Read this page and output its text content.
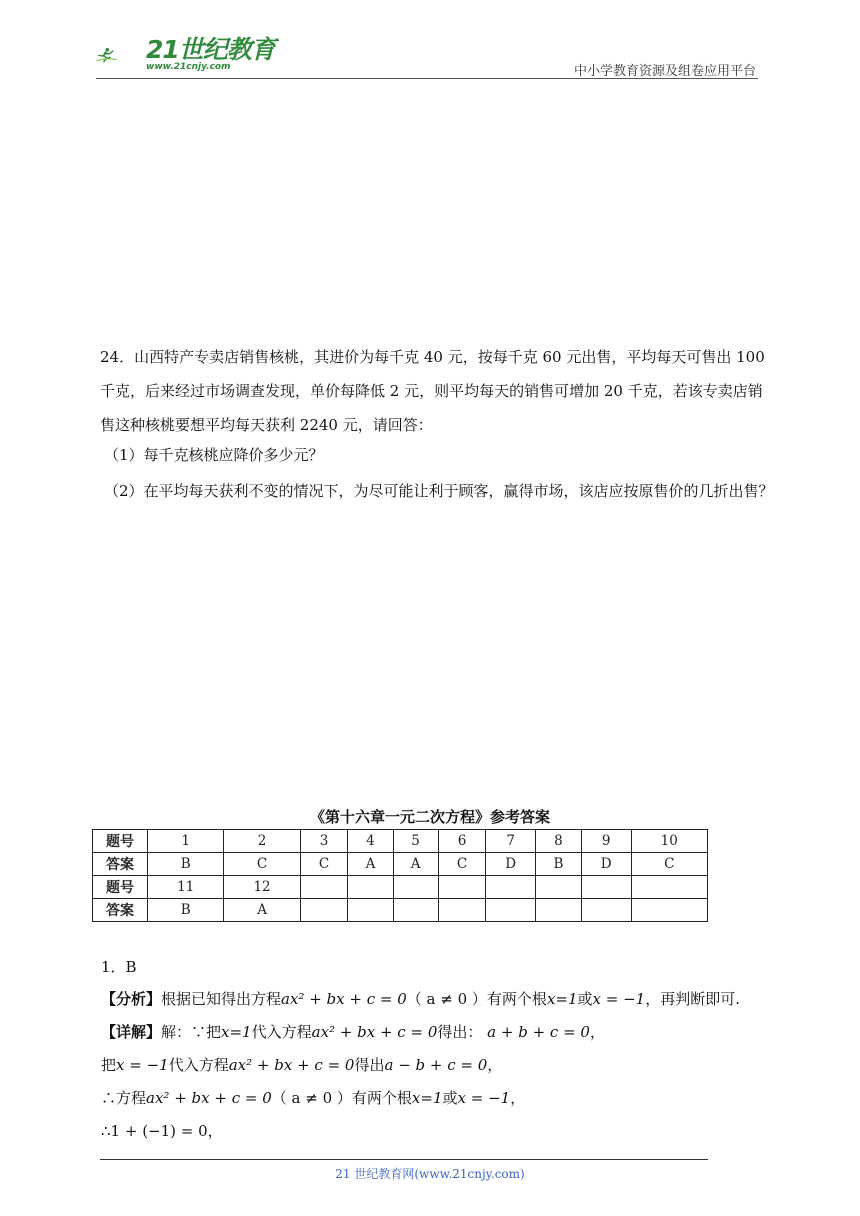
21世纪教育
www.21cnjy.com	中小学教育资源及组卷应用平台
24．山西特产专卖店销售核桃，其进价为每千克 40 元，按每千克 60 元出售，平均每天可售出 100 千克，后来经过市场调查发现，单价每降低 2 元，则平均每天的销售可增加 20 千克，若该专卖店销售这种核桃要想平均每天获利 2240 元，请回答：
（1）每千克核桃应降价多少元？
（2）在平均每天获利不变的情况下，为尽可能让利于顾客，赢得市场，该店应按原售价的几折出售？
《第十六章一元二次方程》参考答案
题号	1	2	3	4	5	6	7	8	9	10
答案	B	C	C	A	A	C	D	B	D	C
题号	11	12								
答案	B	A								
1．B
【分析】根据已知得出方程ax² + bx + c = 0（ a ≠ 0 ）有两个根x=1或x = −1，再判断即可.
【详解】解：∵把x=1代入方程ax² + bx + c = 0得出： a + b + c = 0，
把x = −1代入方程ax² + bx + c = 0得出a − b + c = 0，
∴方程ax² + bx + c = 0（ a ≠ 0 ）有两个根x=1或x = −1，
∴1 + (−1) = 0，
21 世纪教育网(www.21cnjy.com)
